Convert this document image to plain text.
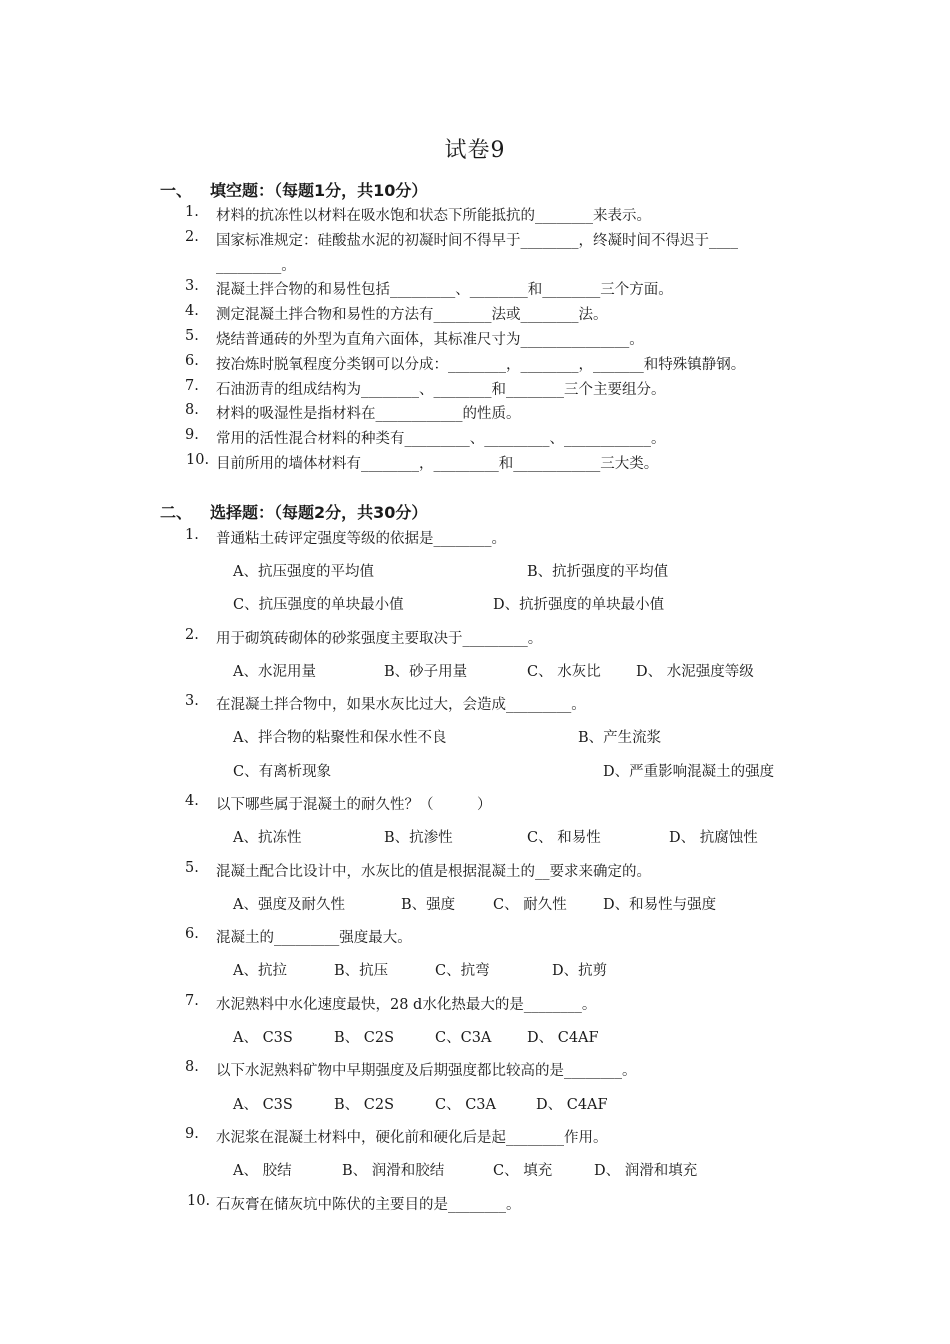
试卷9
一、 填空题：（每题1分，共10分）
1. 材料的抗冻性以材料在吸水饱和状态下所能抵抗的________来表示。
2. 国家标准规定：硅酸盐水泥的初凝时间不得早于________，终凝时间不得迟于____
_________。
3. 混凝土拌合物的和易性包括_________、________和________三个方面。
4. 测定混凝土拌合物和易性的方法有________法或________法。
5. 烧结普通砖的外型为直角六面体，其标准尺寸为_______________。
6. 按冶炼时脱氧程度分类钢可以分成：________，________，_______和特殊镇静钢。
7. 石油沥青的组成结构为________、________和________三个主要组分。
8. 材料的吸湿性是指材料在____________的性质。
9. 常用的活性混合材料的种类有_________、_________、____________。
10. 目前所用的墙体材料有________，_________和____________三大类。
二、 选择题：（每题2分，共30分）
1. 普通粘土砖评定强度等级的依据是________。
A、抗压强度的平均值	B、抗折强度的平均值
C、抗压强度的单块最小值	D、抗折强度的单块最小值
2. 用于砌筑砖砌体的砂浆强度主要取决于_________。
A、水泥用量	B、砂子用量	C、 水灰比 D、 水泥强度等级
3. 在混凝土拌合物中，如果水灰比过大，会造成_________。
A、拌合物的粘聚性和保水性不良	B、产生流浆
C、有离析现象	D、严重影响混凝土的强度
4. 以下哪些属于混凝土的耐久性？（　　　）
A、抗冻性	B、抗渗性	C、 和易性	D、 抗腐蚀性
5. 混凝土配合比设计中，水灰比的值是根据混凝土的__要求来确定的。
A、强度及耐久性	B、强度	C、 耐久性	D、和易性与强度
6. 混凝土的_________强度最大。
A、抗拉	B、抗压	C、抗弯	D、抗剪
7. 水泥熟料中水化速度最快，28 d水化热最大的是________。
A、 C3S	B、 C2S	C、C3A D、 C4AF
8. 以下水泥熟料矿物中早期强度及后期强度都比较高的是________。
A、 C3S	B、 C2S	C、 C3A	D、 C4AF
9. 水泥浆在混凝土材料中，硬化前和硬化后是起________作用。
A、 胶结	B、 润滑和胶结	C、 填充	D、 润滑和填充
10. 石灰膏在储灰坑中陈伏的主要目的是________。
